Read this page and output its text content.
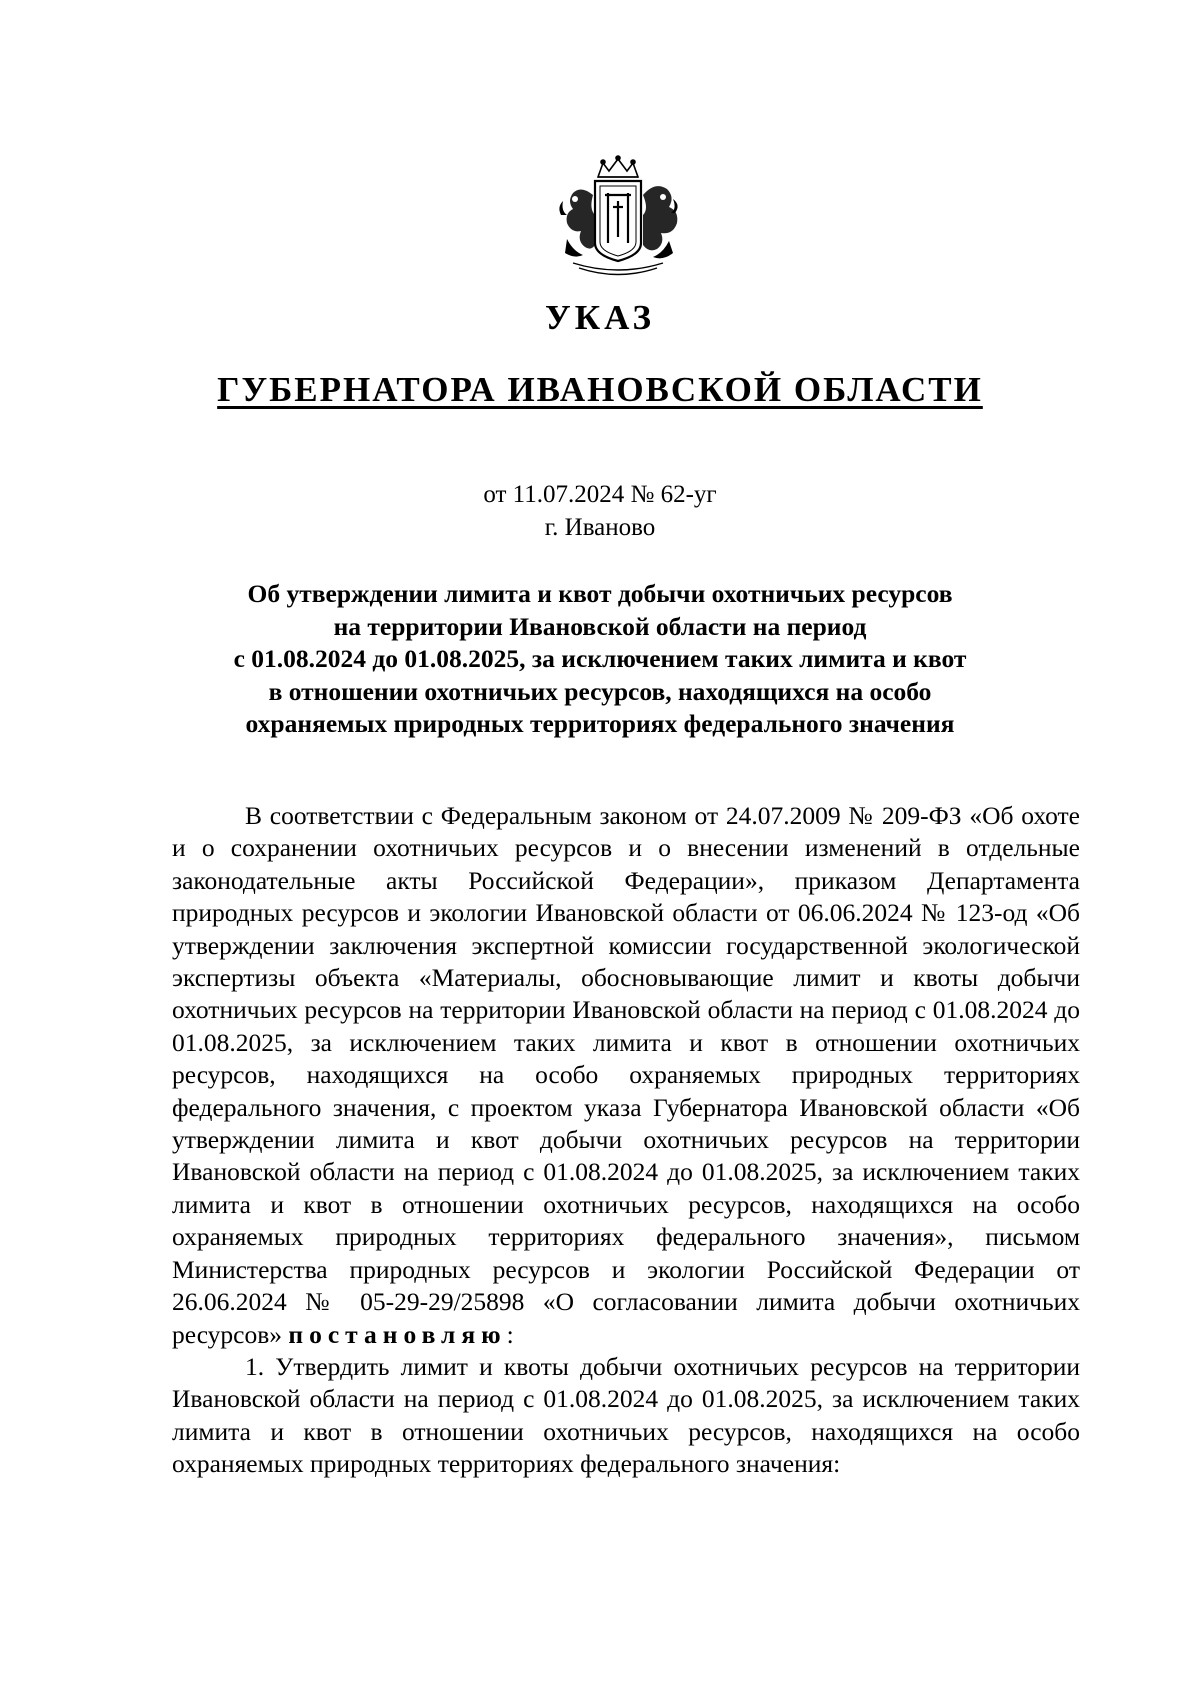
УКАЗ
ГУБЕРНАТОРА ИВАНОВСКОЙ ОБЛАСТИ
от 11.07.2024 № 62-уг
г. Иваново
Об утверждении лимита и квот добычи охотничьих ресурсов
на территории Ивановской области на период
с 01.08.2024 до 01.08.2025, за исключением таких лимита и квот
в отношении охотничьих ресурсов, находящихся на особо
охраняемых природных территориях федерального значения

В соответствии с Федеральным законом от 24.07.2009 № 209-ФЗ «Об охоте и о сохранении охотничьих ресурсов и о внесении изменений в отдельные законодательные акты Российской Федерации», приказом Департамента природных ресурсов и экологии Ивановской области от 06.06.2024 № 123-од «Об утверждении заключения экспертной комиссии государственной экологической экспертизы объекта «Материалы, обосновывающие лимит и квоты добычи охотничьих ресурсов на территории Ивановской области на период с 01.08.2024 до 01.08.2025, за исключением таких лимита и квот в отношении охотничьих ресурсов, находящихся на особо охраняемых природных территориях федерального значения, с проектом указа Губернатора Ивановской области «Об утверждении лимита и квот добычи охотничьих ресурсов на территории Ивановской области на период с 01.08.2024 до 01.08.2025, за исключением таких лимита и квот в отношении охотничьих ресурсов, находящихся на особо охраняемых природных территориях федерального значения», письмом Министерства природных ресурсов и экологии Российской Федерации от 26.06.2024 № 05-29-29/25898 «О согласовании лимита добычи охотничьих ресурсов» постановляю:

1. Утвердить лимит и квоты добычи охотничьих ресурсов на территории Ивановской области на период с 01.08.2024 до 01.08.2025, за исключением таких лимита и квот в отношении охотничьих ресурсов, находящихся на особо охраняемых природных территориях федерального значения:
